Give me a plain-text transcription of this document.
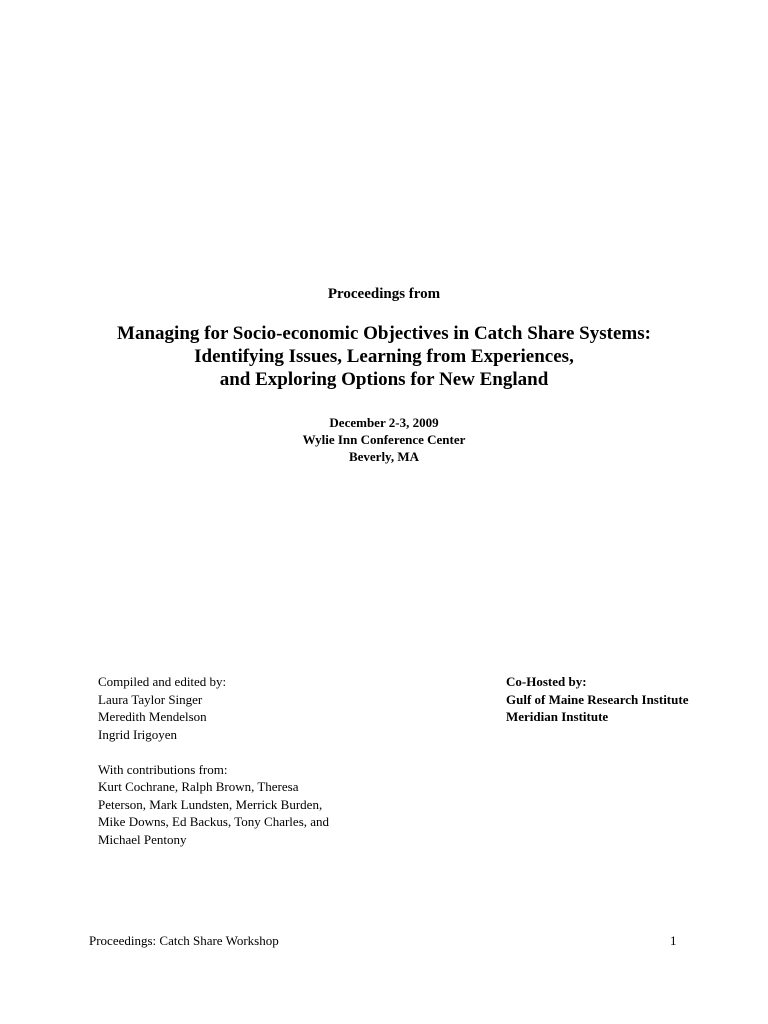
Proceedings from
Managing for Socio-economic Objectives in Catch Share Systems:
Identifying Issues, Learning from Experiences,
and Exploring Options for New England
December 2-3, 2009
Wylie Inn Conference Center
Beverly, MA
Compiled and edited by:
Laura Taylor Singer
Meredith Mendelson
Ingrid Irigoyen
With contributions from:
Kurt Cochrane, Ralph Brown, Theresa
Peterson, Mark Lundsten, Merrick Burden,
Mike Downs, Ed Backus, Tony Charles, and
Michael Pentony
Co-Hosted by:
Gulf of Maine Research Institute
Meridian Institute
Proceedings: Catch Share Workshop	1
